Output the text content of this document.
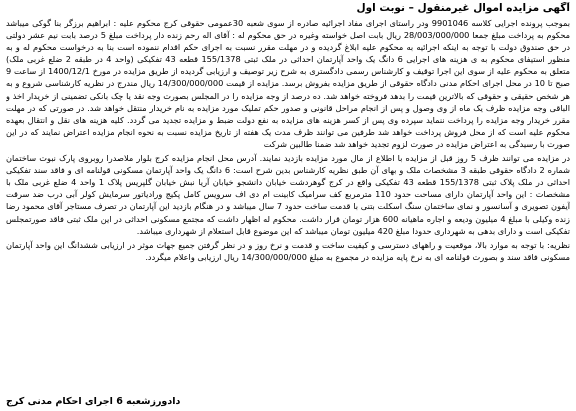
آگهی مزایده اموال غیرمنقول – نوبت اول

بموجب پرونده اجرایی کلاسه 9901046 ودر راستای اجرای مفاد اجرائیه صادره از سوی شعبه 30عمومی حقوقی کرج محکوم علیه : ابراهیم برزگر بنا گوکی میباشد محکوم به پرداخت مبلغ جمعا 28/003/000/000 ریال بابت اصل خواسته وغیره در حق محکوم له : آقای اله رحم زنده دار پرداخت مبلغ 5 درصد بابت نیم عشر دولتی در حق صندوق دولت با توجه به اینکه اجرائیه به محکوم علیه ابلاغ گردیده و در مهلت مقرر نسبت به اجرای حکم اقدام ننموده است بنا به درخواست محکوم له و به منظور استیفای محکوم به ی هزینه های اجرایی 6 دانگ یک واحد آپارتمان احداثی در ملک ثبتی 155/1378 قطعه 43 تفکیکی (واحد 4 در طبقه 2 ضلع غربی ملک) متعلق به محکوم علیه از سوی این اجرا توقیف و کارشناس رسمی دادگستری به شرح زیر توصیف و ارزیابی گردیده از طریق مزایده در مورخ 1400/12/1 از ساعت 9 صبح تا 10 در محل اجرای احکام مدنی دادگاه حقوقی از طریق مزایده بفروش برسد. مزایده از قیمت 14/300/000/000 ریال مندرج در نظریه کارشناسی شروع و به هر شخص حقیقی و حقوقی که بالاترین قیمت را بدهد فروخته خواهد شد. ده درصد از وجه مزایده را در المجلس بصورت وجه نقد یا چک بانکی تضمینی از خریدار اخذ و الباقی وجه مزایده ظرف یک ماه از وی وصول و پس از انجام مراحل قانونی و صدور حکم تملیک مورد مزایده به نام خریدار منتقل خواهد شد. در صورتی که در مهلت مقرر خریدار وجه مزایده را پرداخت ننماید سپرده وی پس از کسر هزینه های مزایده به نفع دولت ضبط و مزایده تجدید می گردد. کلیه هزینه های نقل و انتقال بعهده محکوم علیه است که از محل فروش پرداخت خواهد شد طرفین می توانند ظرف مدت یک هفته از تاریخ مزایده نسبت به نحوه انجام مزایده اعتراض نمایند که در این صورت با رسیدگی به اعتراض مزایده در صورت لزوم تجدید خواهد شد ضمنا طالبین شرکت

در مزایده می توانند ظرف 5 روز قبل از مزایده با اطلاع از مال مورد مزایده بازدید نمایند. آدرس محل انجام مزایده کرج بلوار ملاصدرا روبروی پارک نبوت ساختمان شماره 2 دادگاه حقوقی طبقه 3 مشخصات ملک و بهای آن طبق نظریه کارشناس بدین شرح است: 6 دانگ یک واحد آپارتمان مسکونی قولنامه ای و فاقد سند تفکیکی احداثی در ملک پلاک ثبتی 155/1378 قطعه 43 تفکیکی واقع در کرج گوهردشت خیابان دانشجو خیابان آریا نبش خیابان گلپریس پلاک 1 واحد 4 ضلع غربی ملک با مشخصات : این واحد آپارتمان دارای مساحت حدود 110 مترمربع کف سرامیک کابینت ام دی اف سرویس کامل پکیج ورادیاتور سرمایش کولر آبی درب ضد سرقت آیفون تصویری و آسانسور و نمای ساختمان سنگ اسکلت بتنی با قدمت ساخت حدود 7 سال میباشد و در هنگام بازدید این آپارتمان در تصرف مستاجر آقای محمود رضا زنده وکیلی با مبلغ 4 میلیون ودیعه و اجاره ماهیانه 600 هزار تومان قرار داشت. محکوم له اظهار داشت که مجتمع مسکونی احداثی در این ملک ثبتی فاقد صورتمجلس تفکیکی است و دارای بدهی به شهرداری حدودا مبلغ 420 میلیون تومان میباشد که این موضوع قابل استعلام از شهرداری میباشد.

نظریه: با توجه به موارد بالا، موقعیت و راههای دسترسی و کیفیت ساخت و قدمت و نرخ روز و در نظر گرفتن جمیع جهات موثر در ارزیابی ششدانگ این واحد آپارتمان مسکونی فاقد سند و بصورت قولنامه ای به نرخ پایه مزایده در مجموع به مبلغ 14/300/000/000 ریال ارزیابی واعلام میگردد.

دادورزشعبه 6 اجرای احکام مدنی کرج
